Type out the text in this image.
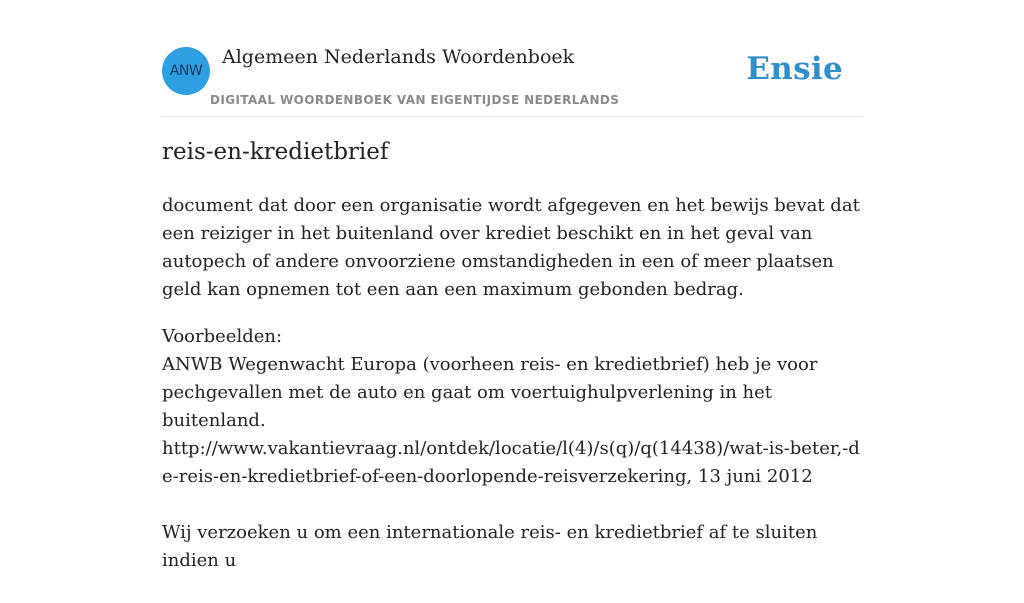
ANW
Algemeen Nederlands Woordenboek
DIGITAAL WOORDENBOEK VAN EIGENTIJDSE NEDERLANDS
Ensie
reis-en-kredietbrief

document dat door een organisatie wordt afgegeven en het bewijs bevat dat een reiziger in het buitenland over krediet beschikt en in het geval van autopech of andere onvoorziene omstandigheden in een of meer plaatsen geld kan opnemen tot een aan een maximum gebonden bedrag.

Voorbeelden:

ANWB Wegenwacht Europa (voorheen reis- en kredietbrief) heb je voor pechgevallen met de auto en gaat om voertuighulpverlening in het buitenland.
http://www.vakantievraag.nl/ontdek/locatie/l(4)/s(q)/q(14438)/wat-is-beter,-de-reis-en-kredietbrief-of-een-doorlopende-reisverzekering, 13 juni 2012

Wij verzoeken u om een internationale reis- en kredietbrief af te sluiten indien u
